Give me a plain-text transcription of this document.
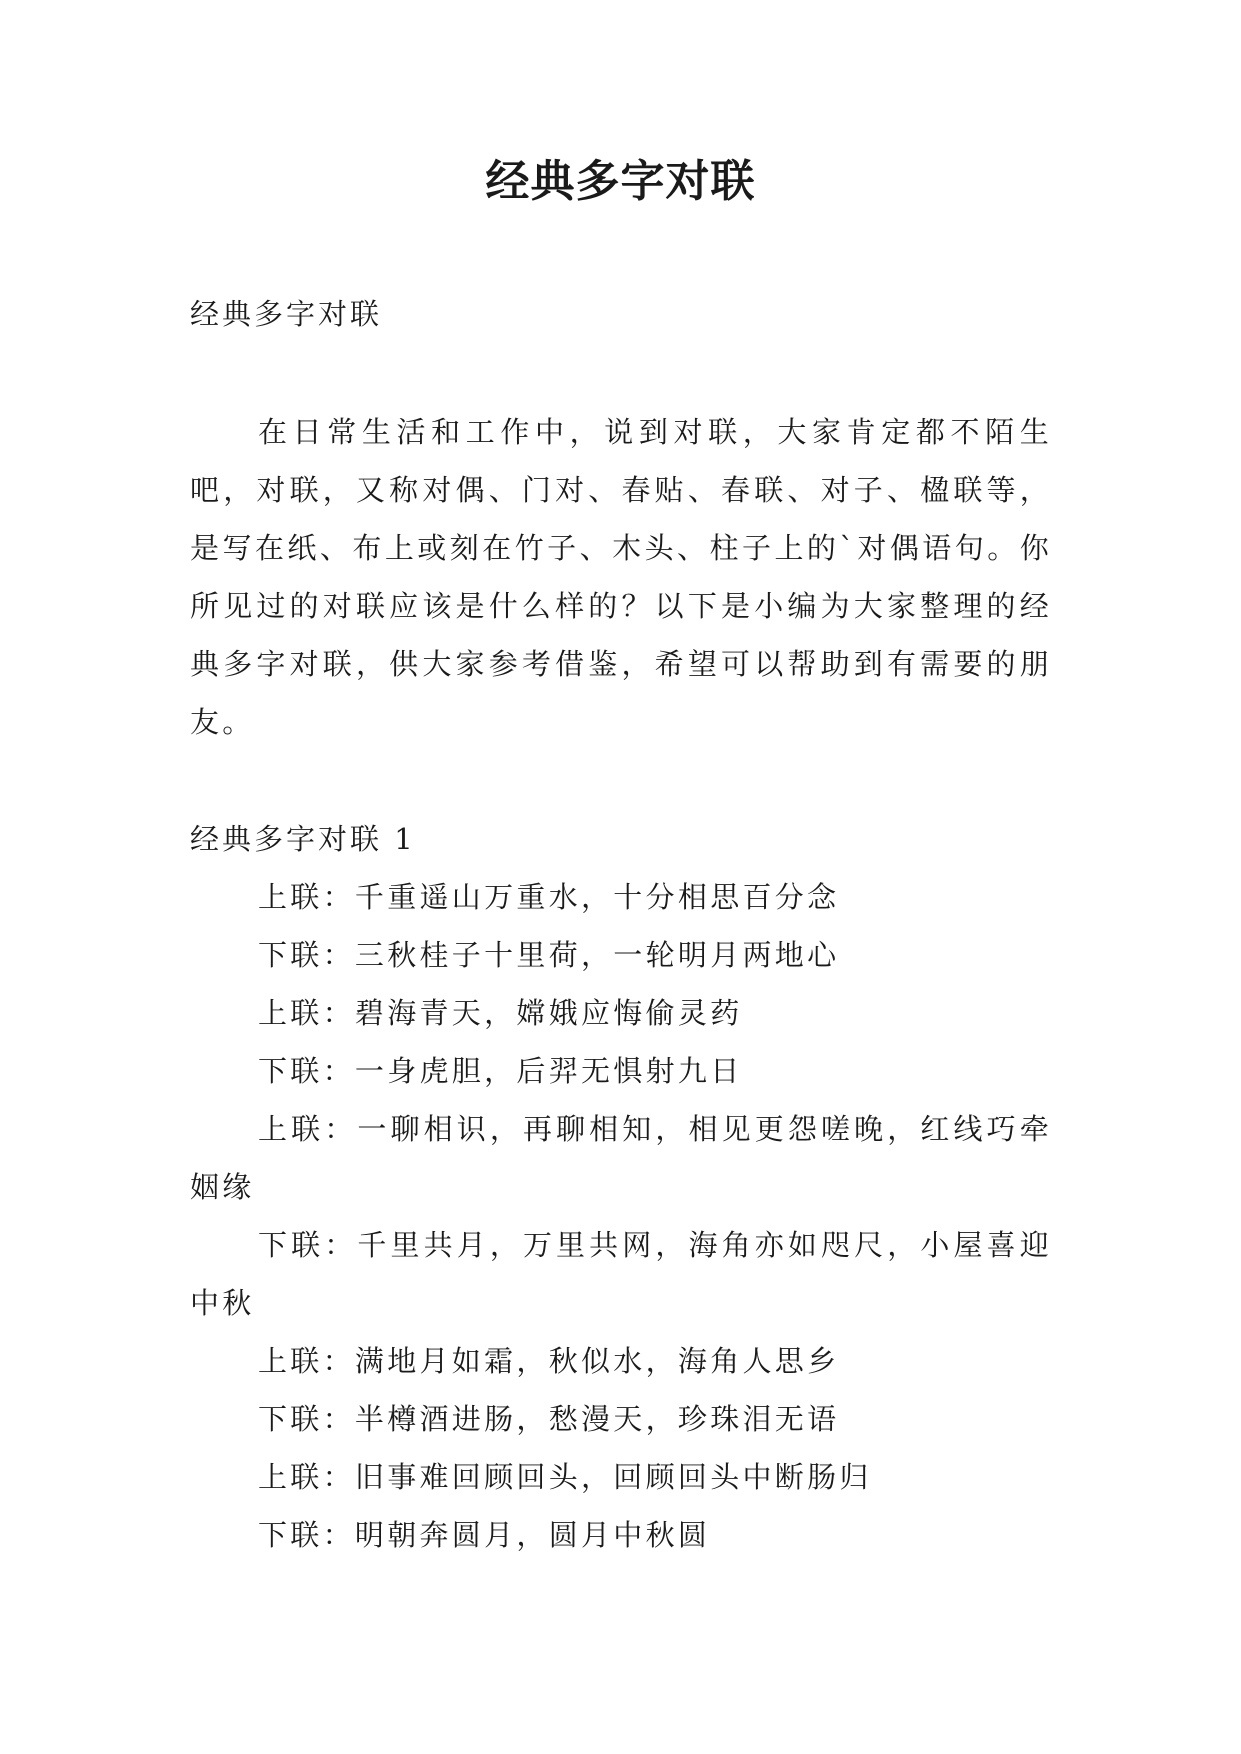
经典多字对联

经典多字对联

在日常生活和工作中，说到对联，大家肯定都不陌生吧，对联，又称对偶、门对、春贴、春联、对子、楹联等，是写在纸、布上或刻在竹子、木头、柱子上的`对偶语句。你所见过的对联应该是什么样的？以下是小编为大家整理的经典多字对联，供大家参考借鉴，希望可以帮助到有需要的朋友。

经典多字对联 1

上联：千重遥山万重水，十分相思百分念

下联：三秋桂子十里荷，一轮明月两地心

上联：碧海青天，嫦娥应悔偷灵药

下联：一身虎胆，后羿无惧射九日

上联：一聊相识，再聊相知，相见更怨嗟晚，红线巧牵姻缘

下联：千里共月，万里共网，海角亦如咫尺，小屋喜迎中秋

上联：满地月如霜，秋似水，海角人思乡

下联：半樽酒进肠，愁漫天，珍珠泪无语

上联：旧事难回顾回头，回顾回头中断肠归

下联：明朝奔圆月，圆月中秋圆
